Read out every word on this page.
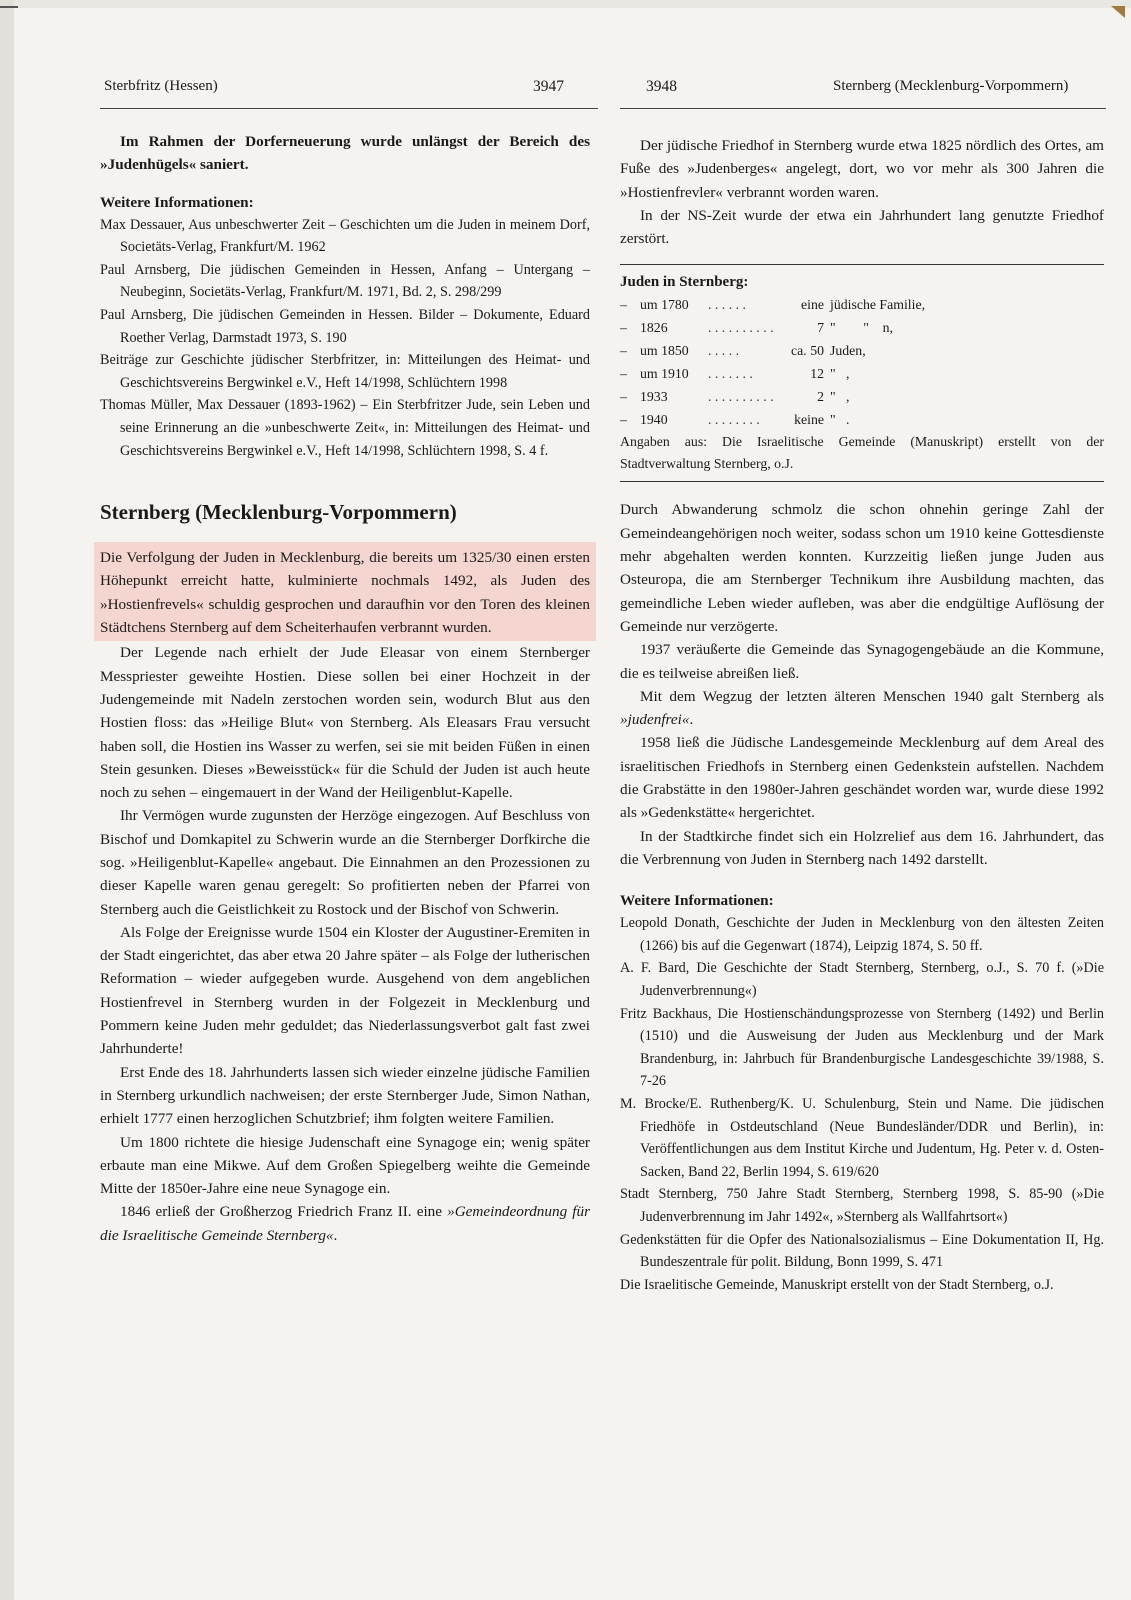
Sterbfritz (Hessen)	3947	3948	Sternberg (Mecklenburg-Vorpommern)

Im Rahmen der Dorferneuerung wurde unlängst der Bereich des »Judenhügels« saniert.

Weitere Informationen:

Max Dessauer, Aus unbeschwerter Zeit – Geschichten um die Juden in meinem Dorf, Societäts-Verlag, Frankfurt/M. 1962
Paul Arnsberg, Die jüdischen Gemeinden in Hessen, Anfang – Untergang – Neubeginn, Societäts-Verlag, Frankfurt/M. 1971, Bd. 2, S. 298/299
Paul Arnsberg, Die jüdischen Gemeinden in Hessen. Bilder – Dokumente, Eduard Roether Verlag, Darmstadt 1973, S. 190
Beiträge zur Geschichte jüdischer Sterbfritzer, in: Mitteilungen des Heimat- und Geschichtsvereins Bergwinkel e.V., Heft 14/1998, Schlüchtern 1998
Thomas Müller, Max Dessauer (1893-1962) – Ein Sterbfritzer Jude, sein Leben und seine Erinnerung an die »unbeschwerte Zeit«, in: Mitteilungen des Heimat- und Geschichtsvereins Bergwinkel e.V., Heft 14/1998, Schlüchtern 1998, S. 4 f.
Sternberg (Mecklenburg-Vorpommern)

Die Verfolgung der Juden in Mecklenburg, die bereits um 1325/30 einen ersten Höhepunkt erreicht hatte, kulminierte nochmals 1492, als Juden des »Hostienfrevels« schuldig gesprochen und daraufhin vor den Toren des kleinen Städtchens Sternberg auf dem Scheiterhaufen verbrannt wurden.

Der Legende nach erhielt der Jude Eleasar von einem Sternberger Messpriester geweihte Hostien. Diese sollen bei einer Hochzeit in der Judengemeinde mit Nadeln zerstochen worden sein, wodurch Blut aus den Hostien floss: das »Heilige Blut« von Sternberg. Als Eleasars Frau versucht haben soll, die Hostien ins Wasser zu werfen, sei sie mit beiden Füßen in einen Stein gesunken. Dieses »Beweisstück« für die Schuld der Juden ist auch heute noch zu sehen – eingemauert in der Wand der Heiligenblut-Kapelle.

Ihr Vermögen wurde zugunsten der Herzöge eingezogen. Auf Beschluss von Bischof und Domkapitel zu Schwerin wurde an die Sternberger Dorfkirche die sog. »Heiligenblut-Kapelle« angebaut. Die Einnahmen an den Prozessionen zu dieser Kapelle waren genau geregelt: So profitierten neben der Pfarrei von Sternberg auch die Geistlichkeit zu Rostock und der Bischof von Schwerin.

Als Folge der Ereignisse wurde 1504 ein Kloster der Augustiner-Eremiten in der Stadt eingerichtet, das aber etwa 20 Jahre später – als Folge der lutherischen Reformation – wieder aufgegeben wurde. Ausgehend von dem angeblichen Hostienfrevel in Sternberg wurden in der Folgezeit in Mecklenburg und Pommern keine Juden mehr geduldet; das Niederlassungsverbot galt fast zwei Jahrhunderte!

Erst Ende des 18. Jahrhunderts lassen sich wieder einzelne jüdische Familien in Sternberg urkundlich nachweisen; der erste Sternberger Jude, Simon Nathan, erhielt 1777 einen herzoglichen Schutzbrief; ihm folgten weitere Familien.

Um 1800 richtete die hiesige Judenschaft eine Synagoge ein; wenig später erbaute man eine Mikwe. Auf dem Großen Spiegelberg weihte die Gemeinde Mitte der 1850er-Jahre eine neue Synagoge ein.

1846 erließ der Großherzog Friedrich Franz II. eine »Gemeindeordnung für die Israelitische Gemeinde Sternberg«.

Der jüdische Friedhof in Sternberg wurde etwa 1825 nördlich des Ortes, am Fuße des »Judenberges« angelegt, dort, wo vor mehr als 300 Jahren die »Hostienfrevler« verbrannt worden waren.

In der NS-Zeit wurde der etwa ein Jahrhundert lang genutzte Friedhof zerstört.

Juden in Sternberg:

– um 1780 . . . . . .	eine jüdische Familie,
– 1826	. . . . . . . . . .	7 "        "    n,
– um 1850 . . . . .	ca. 50 Juden,
– um 1910 . . . . . . .	12 "   ,
– 1933	. . . . . . . . . .	2 "   ,
– 1940	. . . . . . . .	keine "   .

Angaben aus: Die Israelitische Gemeinde (Manuskript) erstellt von der Stadtverwaltung Sternberg, o.J.

Durch Abwanderung schmolz die schon ohnehin geringe Zahl der Gemeindeangehörigen noch weiter, sodass schon um 1910 keine Gottesdienste mehr abgehalten werden konnten. Kurzzeitig ließen junge Juden aus Osteuropa, die am Sternberger Technikum ihre Ausbildung machten, das gemeindliche Leben wieder aufleben, was aber die endgültige Auflösung der Gemeinde nur verzögerte.

1937 veräußerte die Gemeinde das Synagogengebäude an die Kommune, die es teilweise abreißen ließ.

Mit dem Wegzug der letzten älteren Menschen 1940 galt Sternberg als »judenfrei«.

1958 ließ die Jüdische Landesgemeinde Mecklenburg auf dem Areal des israelitischen Friedhofs in Sternberg einen Gedenkstein aufstellen. Nachdem die Grabstätte in den 1980er-Jahren geschändet worden war, wurde diese 1992 als »Gedenkstätte« hergerichtet.

In der Stadtkirche findet sich ein Holzrelief aus dem 16. Jahrhundert, das die Verbrennung von Juden in Sternberg nach 1492 darstellt.

Weitere Informationen:

Leopold Donath, Geschichte der Juden in Mecklenburg von den ältesten Zeiten (1266) bis auf die Gegenwart (1874), Leipzig 1874, S. 50 ff.
A. F. Bard, Die Geschichte der Stadt Sternberg, Sternberg, o.J., S. 70 f. (»Die Judenverbrennung«)
Fritz Backhaus, Die Hostienschändungsprozesse von Sternberg (1492) und Berlin (1510) und die Ausweisung der Juden aus Mecklenburg und der Mark Brandenburg, in: Jahrbuch für Brandenburgische Landesgeschichte 39/1988, S. 7-26
M. Brocke/E. Ruthenberg/K. U. Schulenburg, Stein und Name. Die jüdischen Friedhöfe in Ostdeutschland (Neue Bundesländer/DDR und Berlin), in: Veröffentlichungen aus dem Institut Kirche und Judentum, Hg. Peter v. d. Osten-Sacken, Band 22, Berlin 1994, S. 619/620
Stadt Sternberg, 750 Jahre Stadt Sternberg, Sternberg 1998, S. 85-90 (»Die Judenverbrennung im Jahr 1492«, »Sternberg als Wallfahrtsort«)
Gedenkstätten für die Opfer des Nationalsozialismus – Eine Dokumentation II, Hg. Bundeszentrale für polit. Bildung, Bonn 1999, S. 471
Die Israelitische Gemeinde, Manuskript erstellt von der Stadt Sternberg, o.J.
